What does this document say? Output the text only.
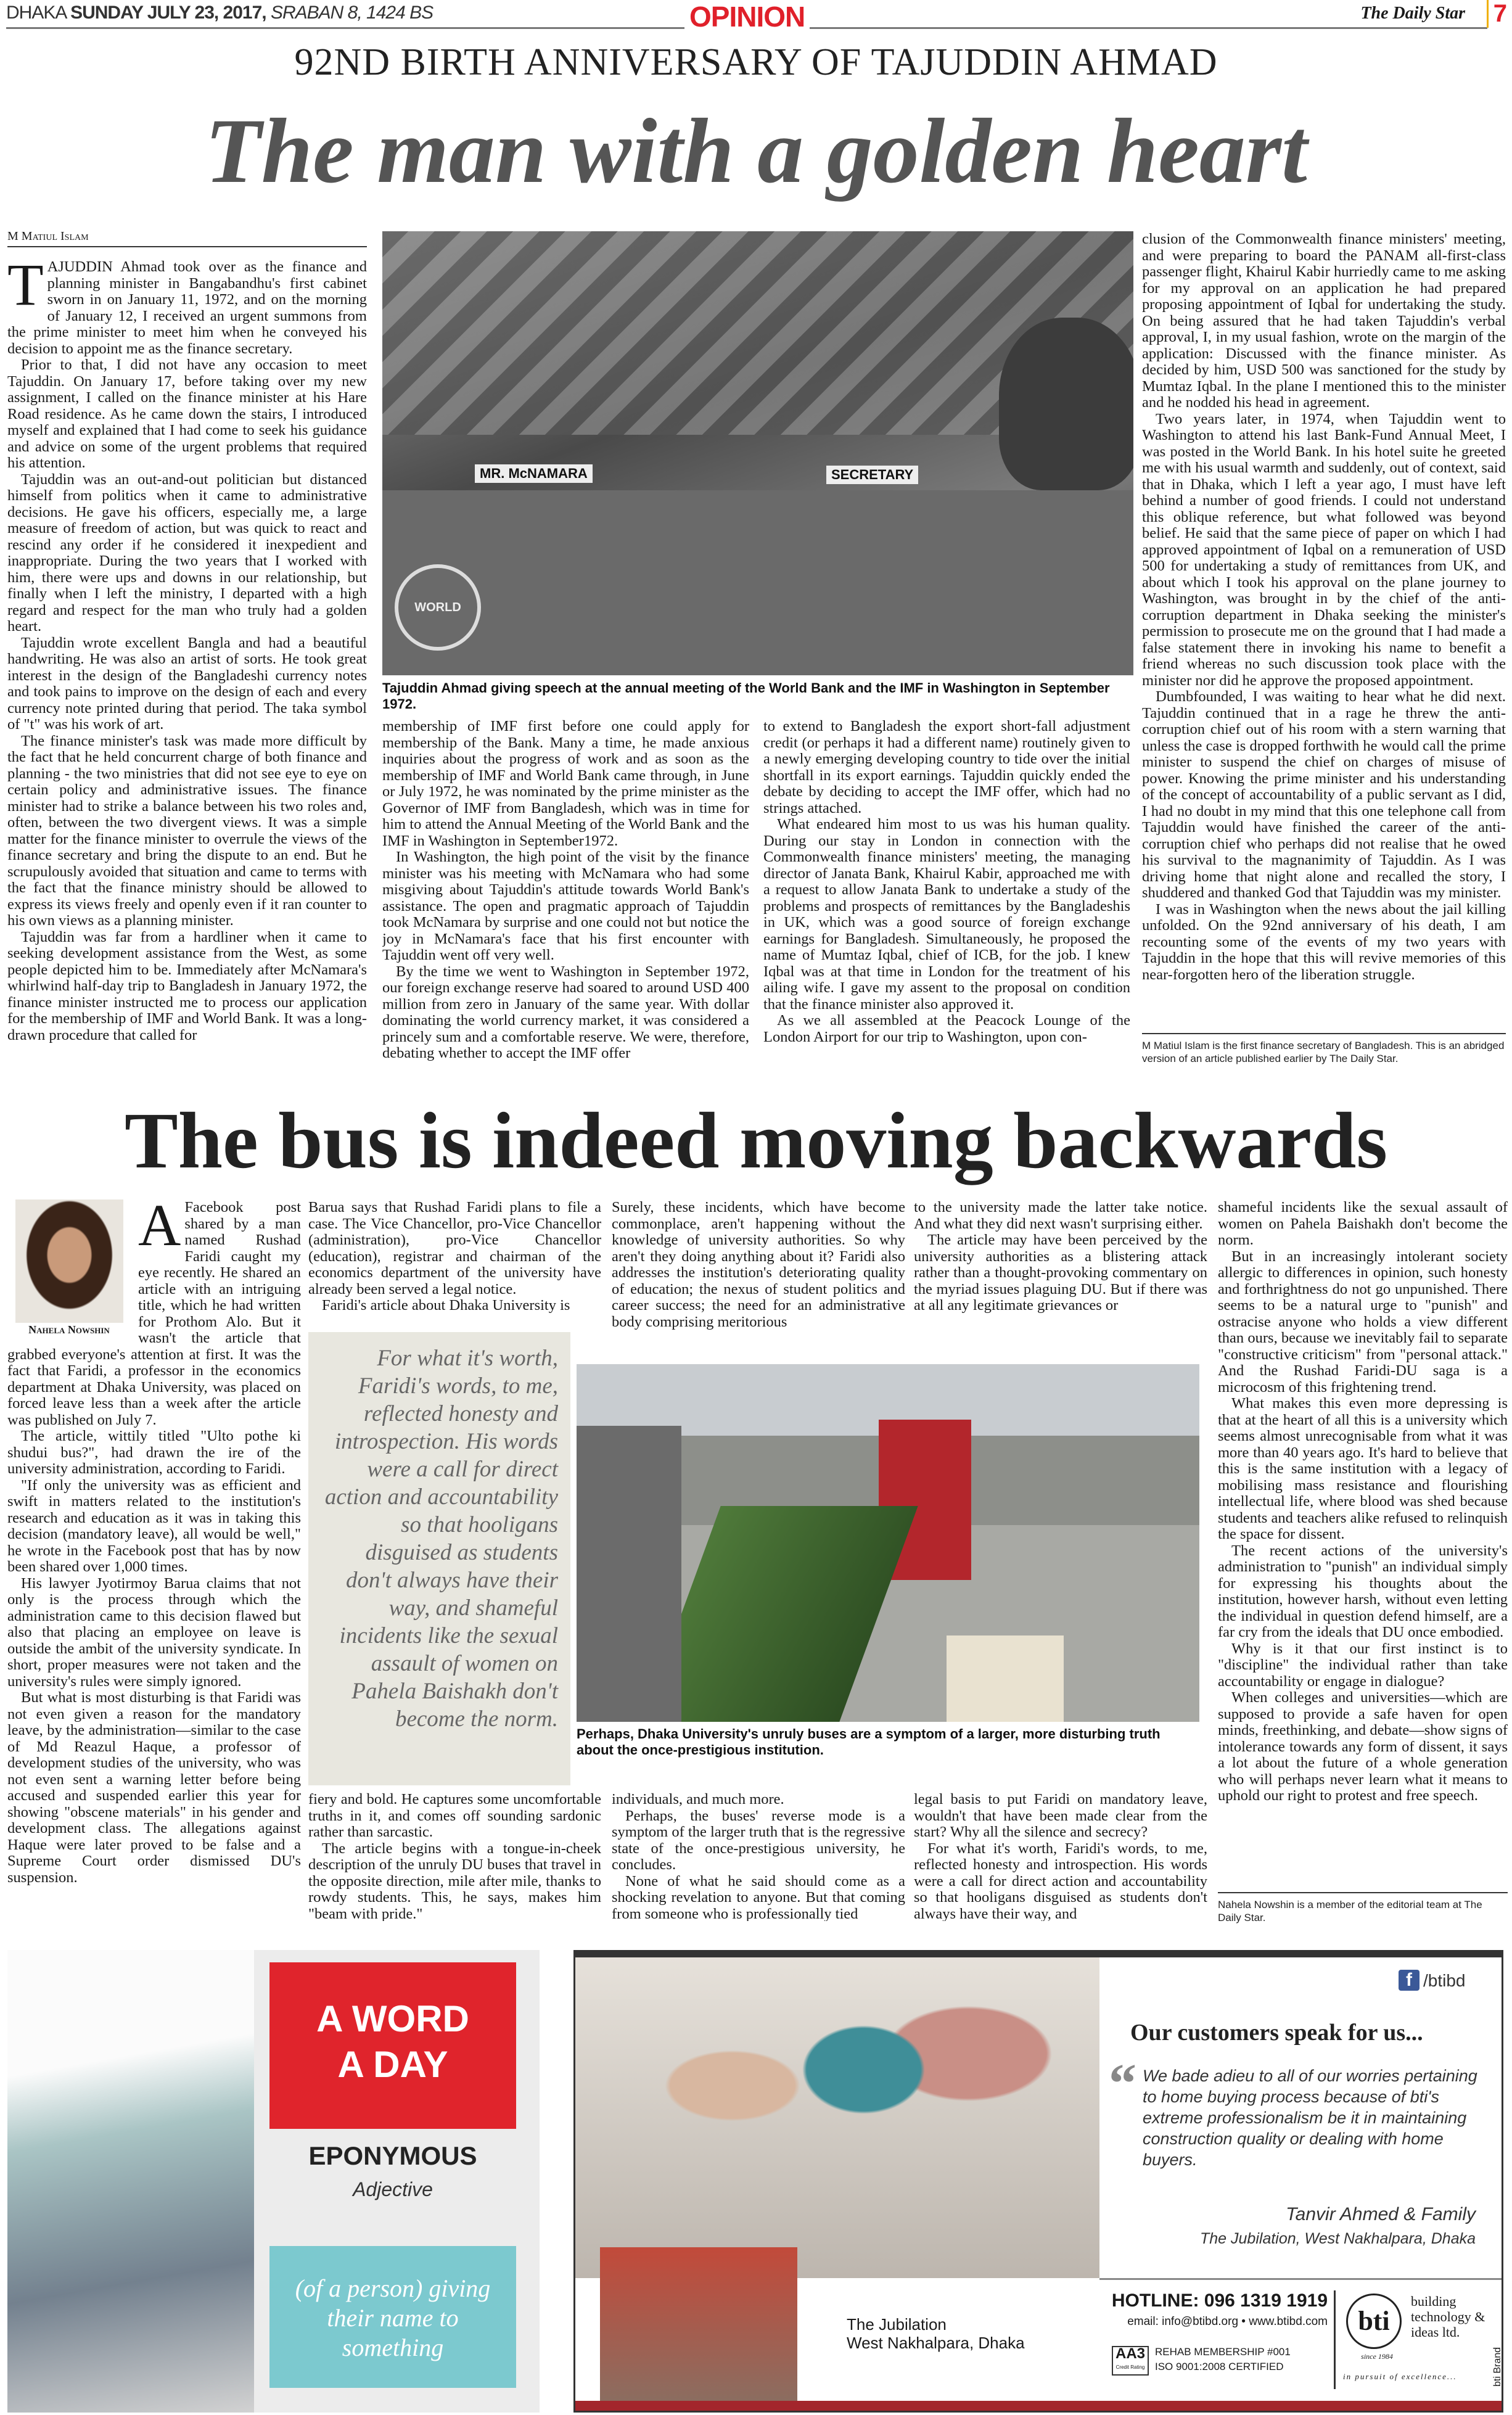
DHAKA SUNDAY JULY 23, 2017, SRABAN 8, 1424 BS	OPINION	The Daily Star 7
92ND BIRTH ANNIVERSARY OF TAJUDDIN AHMAD
The man with a golden heart
M Matiul Islam

TAJUDDIN Ahmad took over as the finance and planning minister in Bangabandhu's first cabinet sworn in on January 11, 1972, and on the morning of January 12, I received an urgent summons from the prime minister to meet him when he conveyed his decision to appoint me as the finance secretary.

Prior to that, I did not have any occasion to meet Tajuddin. On January 17, before taking over my new assignment, I called on the finance minister at his Hare Road residence. As he came down the stairs, I introduced myself and explained that I had come to seek his guidance and advice on some of the urgent problems that required his attention.

Tajuddin was an out-and-out politician but distanced himself from politics when it came to administrative decisions. He gave his officers, especially me, a large measure of freedom of action, but was quick to react and rescind any order if he considered it inexpedient and inappropriate. During the two years that I worked with him, there were ups and downs in our relationship, but finally when I left the ministry, I departed with a high regard and respect for the man who truly had a golden heart.

Tajuddin wrote excellent Bangla and had a beautiful handwriting. He was also an artist of sorts. He took great interest in the design of the Bangladeshi currency notes and took pains to improve on the design of each and every currency note printed during that period. The taka symbol of "t" was his work of art.

The finance minister's task was made more difficult by the fact that he held concurrent charge of both finance and planning - the two ministries that did not see eye to eye on certain policy and administrative issues. The finance minister had to strike a balance between his two roles and, often, between the two divergent views. It was a simple matter for the finance minister to overrule the views of the finance secretary and bring the dispute to an end. But he scrupulously avoided that situation and came to terms with the fact that the finance ministry should be allowed to express its views freely and openly even if it ran counter to his own views as a planning minister.

Tajuddin was far from a hardliner when it came to seeking development assistance from the West, as some people depicted him to be. Immediately after McNamara's whirlwind half-day trip to Bangladesh in January 1972, the finance minister instructed me to process our application for the membership of IMF and World Bank. It was a long-drawn procedure that called for

MR. McNAMARA
WORLD
SECRETARY
Tajuddin Ahmad giving speech at the annual meeting of the World Bank and the IMF in Washington in September 1972.

membership of IMF first before one could apply for membership of the Bank. Many a time, he made anxious inquiries about the progress of work and as soon as the membership of IMF and World Bank came through, in June or July 1972, he was nominated by the prime minister as the Governor of IMF from Bangladesh, which was in time for him to attend the Annual Meeting of the World Bank and the IMF in Washington in September1972.

In Washington, the high point of the visit by the finance minister was his meeting with McNamara who had some misgiving about Tajuddin's attitude towards World Bank's assistance. The open and pragmatic approach of Tajuddin took McNamara by surprise and one could not but notice the joy in McNamara's face that his first encounter with Tajuddin went off very well.

By the time we went to Washington in September 1972, our foreign exchange reserve had soared to around USD 400 million from zero in January of the same year. With dollar dominating the world currency market, it was considered a princely sum and a comfortable reserve. We were, therefore, debating whether to accept the IMF offer

to extend to Bangladesh the export short-fall adjustment credit (or perhaps it had a different name) routinely given to a newly emerging developing country to tide over the initial shortfall in its export earnings. Tajuddin quickly ended the debate by deciding to accept the IMF offer, which had no strings attached.

What endeared him most to us was his human quality. During our stay in London in connection with the Commonwealth finance ministers' meeting, the managing director of Janata Bank, Khairul Kabir, approached me with a request to allow Janata Bank to undertake a study of the problems and prospects of remittances by the Bangladeshis in UK, which was a good source of foreign exchange earnings for Bangladesh. Simultaneously, he proposed the name of Mumtaz Iqbal, chief of ICB, for the job. I knew Iqbal was at that time in London for the treatment of his ailing wife. I gave my assent to the proposal on condition that the finance minister also approved it.

As we all assembled at the Peacock Lounge of the London Airport for our trip to Washington, upon con-

clusion of the Commonwealth finance ministers' meeting, and were preparing to board the PANAM all-first-class passenger flight, Khairul Kabir hurriedly came to me asking for my approval on an application he had prepared proposing appointment of Iqbal for undertaking the study. On being assured that he had taken Tajuddin's verbal approval, I, in my usual fashion, wrote on the margin of the application: Discussed with the finance minister. As decided by him, USD 500 was sanctioned for the study by Mumtaz Iqbal. In the plane I mentioned this to the minister and he nodded his head in agreement.

Two years later, in 1974, when Tajuddin went to Washington to attend his last Bank-Fund Annual Meet, I was posted in the World Bank. In his hotel suite he greeted me with his usual warmth and suddenly, out of context, said that in Dhaka, which I left a year ago, I must have left behind a number of good friends. I could not understand this oblique reference, but what followed was beyond belief. He said that the same piece of paper on which I had approved appointment of Iqbal on a remuneration of USD 500 for undertaking a study of remittances from UK, and about which I took his approval on the plane journey to Washington, was brought in by the chief of the anti-corruption department in Dhaka seeking the minister's permission to prosecute me on the ground that I had made a false statement there in invoking his name to benefit a friend whereas no such discussion took place with the minister nor did he approve the proposed appointment.

Dumbfounded, I was waiting to hear what he did next. Tajuddin continued that in a rage he threw the anti-corruption chief out of his room with a stern warning that unless the case is dropped forthwith he would call the prime minister to suspend the chief on charges of misuse of power. Knowing the prime minister and his understanding of the concept of accountability of a public servant as I did, I had no doubt in my mind that this one telephone call from Tajuddin would have finished the career of the anti-corruption chief who perhaps did not realise that he owed his survival to the magnanimity of Tajuddin. As I was driving home that night alone and recalled the story, I shuddered and thanked God that Tajuddin was my minister.

I was in Washington when the news about the jail killing unfolded. On the 92nd anniversary of his death, I am recounting some of the events of my two years with Tajuddin in the hope that this will revive memories of this near-forgotten hero of the liberation struggle.

M Matiul Islam is the first finance secretary of Bangladesh. This is an abridged version of an article published earlier by The Daily Star.
The bus is indeed moving backwards
Nahela Nowshin

AFacebook post shared by a man named Rushad Faridi caught my eye recently. He shared an article with an intriguing title, which he had written for Prothom Alo. But it wasn't the article that grabbed everyone's attention at first. It was the fact that Faridi, a professor in the economics department at Dhaka University, was placed on forced leave less than a week after the article was published on July 7.

The article, wittily titled "Ulto pothe ki shudui bus?", had drawn the ire of the university administration, according to Faridi.

"If only the university was as efficient and swift in matters related to the institution's research and education as it was in taking this decision (mandatory leave), all would be well," he wrote in the Facebook post that has by now been shared over 1,000 times.

His lawyer Jyotirmoy Barua claims that not only is the process through which the administration came to this decision flawed but also that placing an employee on leave is outside the ambit of the university syndicate. In short, proper measures were not taken and the university's rules were simply ignored.

But what is most disturbing is that Faridi was not even given a reason for the mandatory leave, by the administration—similar to the case of Md Reazul Haque, a professor of development studies of the university, who was not even sent a warning letter before being accused and suspended earlier this year for showing "obscene materials" in his gender and development class. The allegations against Haque were later proved to be false and a Supreme Court order dismissed DU's suspension.

Barua says that Rushad Faridi plans to file a case. The Vice Chancellor, pro-Vice Chancellor (administration), pro-Vice Chancellor (education), registrar and chairman of the economics department of the university have already been served a legal notice.

Faridi's article about Dhaka University is

Surely, these incidents, which have become commonplace, aren't happening without the knowledge of university authorities. So why aren't they doing anything about it? Faridi also addresses the institution's deteriorating quality of education; the nexus of student politics and career success; the need for an administrative body comprising meritorious

to the university made the latter take notice. And what they did next wasn't surprising either.

The article may have been perceived by the university authorities as a blistering attack rather than a thought-provoking commentary on the myriad issues plaguing DU. But if there was at all any legitimate grievances or

For what it's worth, Faridi's words, to me, reflected honesty and introspection. His words were a call for direct action and accountability so that hooligans disguised as students don't always have their way, and shameful incidents like the sexual assault of women on Pahela Baishakh don't become the norm.
Perhaps, Dhaka University's unruly buses are a symptom of a larger, more disturbing truth about the once-prestigious institution.

fiery and bold. He captures some uncomfortable truths in it, and comes off sounding sardonic rather than sarcastic.

The article begins with a tongue-in-cheek description of the unruly DU buses that travel in the opposite direction, mile after mile, thanks to rowdy students. This, he says, makes him "beam with pride."

individuals, and much more.

Perhaps, the buses' reverse mode is a symptom of the larger truth that is the regressive state of the once-prestigious university, he concludes.

None of what he said should come as a shocking revelation to anyone. But that coming from someone who is professionally tied

legal basis to put Faridi on mandatory leave, wouldn't that have been made clear from the start? Why all the silence and secrecy?

For what it's worth, Faridi's words, to me, reflected honesty and introspection. His words were a call for direct action and accountability so that hooligans disguised as students don't always have their way, and

shameful incidents like the sexual assault of women on Pahela Baishakh don't become the norm.

But in an increasingly intolerant society allergic to differences in opinion, such honesty and forthrightness do not go unpunished. There seems to be a natural urge to "punish" and ostracise anyone who holds a view different than ours, because we inevitably fail to separate "constructive criticism" from "personal attack." And the Rushad Faridi-DU saga is a microcosm of this frightening trend.

What makes this even more depressing is that at the heart of all this is a university which seems almost unrecognisable from what it was more than 40 years ago. It's hard to believe that this is the same institution with a legacy of mobilising mass resistance and flourishing intellectual life, where blood was shed because students and teachers alike refused to relinquish the space for dissent.

The recent actions of the university's administration to "punish" an individual simply for expressing his thoughts about the institution, however harsh, without even letting the individual in question defend himself, are a far cry from the ideals that DU once embodied.

Why is it that our first instinct is to "discipline" the individual rather than take accountability or engage in dialogue?

When colleges and universities—which are supposed to provide a safe haven for open minds, freethinking, and debate—show signs of intolerance towards any form of dissent, it says a lot about the future of a whole generation who will perhaps never learn what it means to uphold our right to protest and free speech.

Nahela Nowshin is a member of the editorial team at The Daily Star.
A WORD
A DAY
EPONYMOUS
Adjective
(of a person) giving their name to something
The Jubilation
West Nakhalpara, Dhaka
f /btibd
Our customers speak for us...
“ We bade adieu to all of our worries pertaining to home buying process because of bti's extreme professionalism be it in maintaining construction quality or dealing with home buyers.
Tanvir Ahmed & Family
The Jubilation, West Nakhalpara, Dhaka
HOTLINE: 096 1319 1919
email: info@btibd.org • www.btibd.com
AA3
Credit Rating
REHAB MEMBERSHIP #001
ISO 9001:2008 CERTIFIED
bti
since 1984
building technology & ideas ltd.
in pursuit of excellence...	bti Brand
